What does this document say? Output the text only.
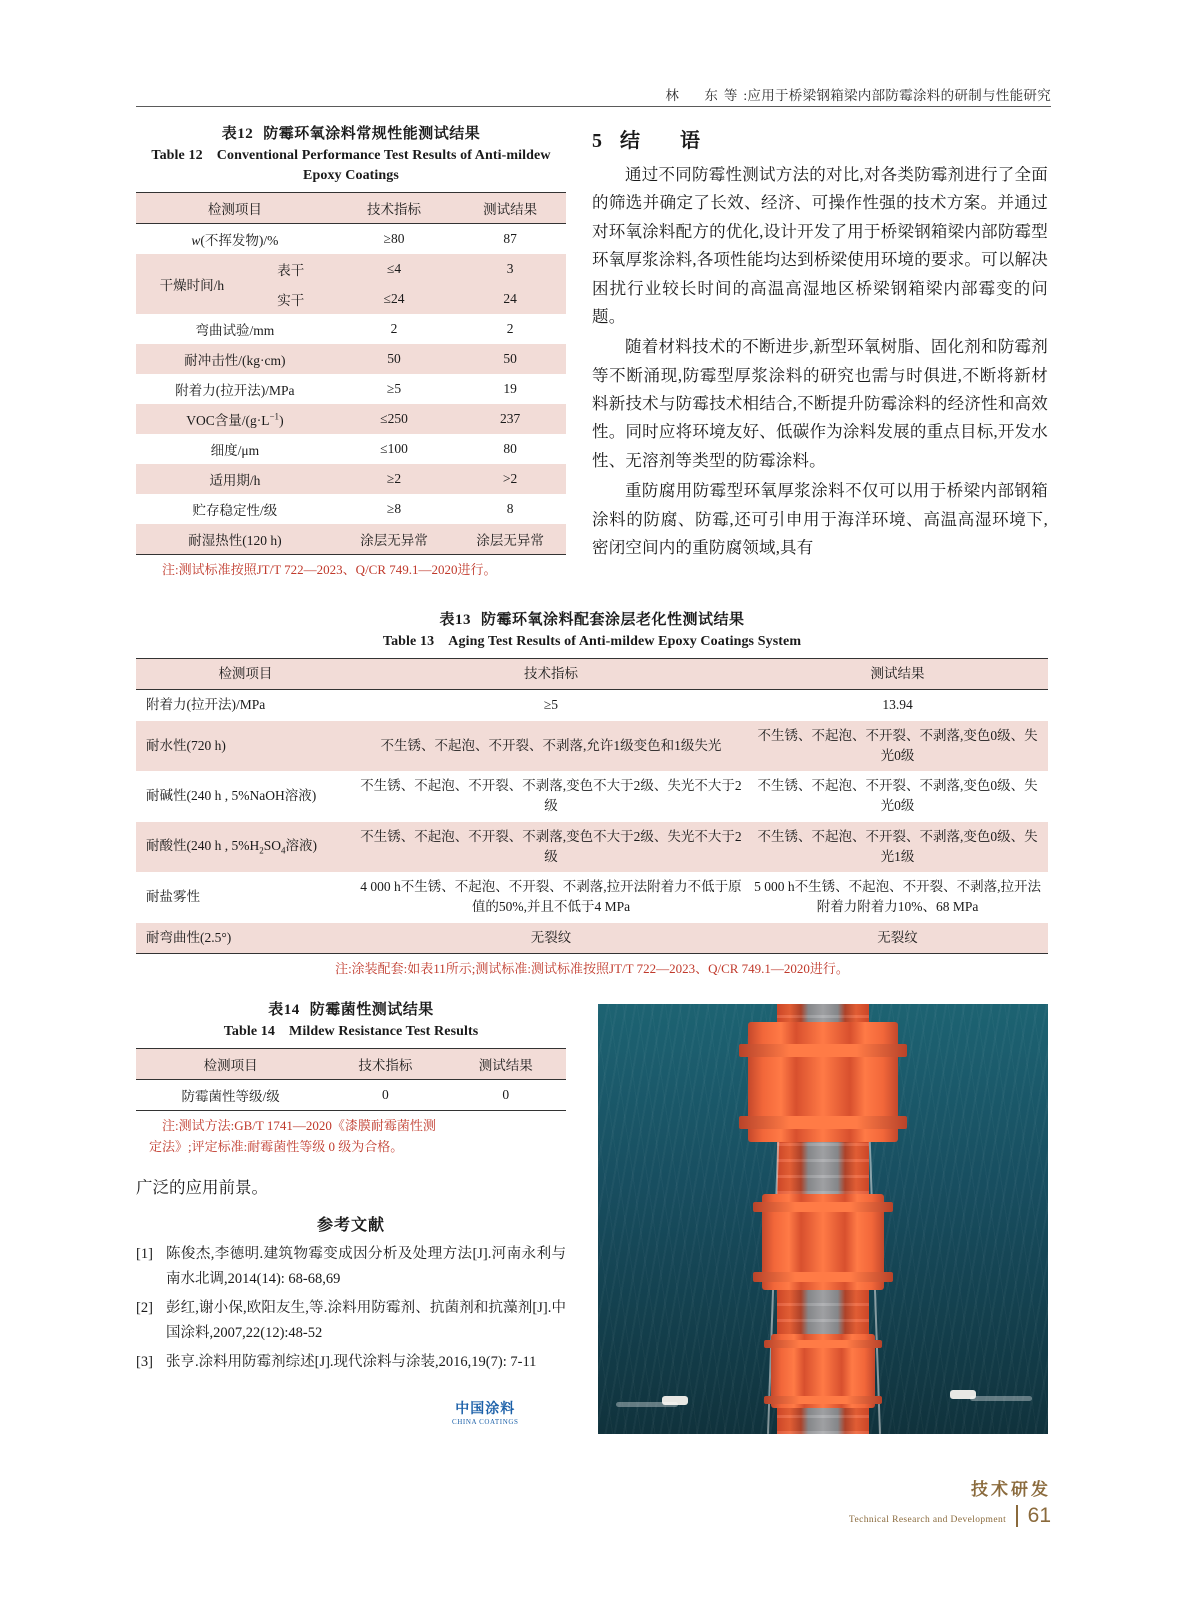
林　东等:应用于桥梁钢箱梁内部防霉涂料的研制与性能研究
表12 防霉环氧涂料常规性能测试结果
Table 12　Conventional Performance Test Results of Anti-mildew Epoxy Coatings
检测项目		技术指标	测试结果
w(不挥发物)/%		≥80	87
干燥时间/h	表干	≤4	3
	实干	≤24	24
弯曲试验/mm		2	2
耐冲击性/(kg·cm)		50	50
附着力(拉开法)/MPa		≥5	19
VOC含量$/(g\cdot L^{-1})$		≤250	237
细度/μm		≤100	80
适用期/h		≥2	>2
贮存稳定性/级		≥8	8
耐湿热性(120 h)		涂层无异常	涂层无异常
注:测试标准按照JT/T 722—2023、Q/CR 749.1—2020进行。
5 结　语

通过不同防霉性测试方法的对比,对各类防霉剂进行了全面的筛选并确定了长效、经济、可操作性强的技术方案。并通过对环氧涂料配方的优化,设计开发了用于桥梁钢箱梁内部防霉型环氧厚浆涂料,各项性能均达到桥梁使用环境的要求。可以解决困扰行业较长时间的高温高湿地区桥梁钢箱梁内部霉变的问题。

随着材料技术的不断进步,新型环氧树脂、固化剂和防霉剂等不断涌现,防霉型厚浆涂料的研究也需与时俱进,不断将新材料新技术与防霉技术相结合,不断提升防霉涂料的经济性和高效性。同时应将环境友好、低碳作为涂料发展的重点目标,开发水性、无溶剂等类型的防霉涂料。

重防腐用防霉型环氧厚浆涂料不仅可以用于桥梁内部钢箱涂料的防腐、防霉,还可引申用于海洋环境、高温高湿环境下,密闭空间内的重防腐领域,具有

表13 防霉环氧涂料配套涂层老化性测试结果
Table 13　Aging Test Results of Anti-mildew Epoxy Coatings System
检测项目	技术指标	测试结果
附着力(拉开法)/MPa	≥5	13.94
耐水性(720 h)	不生锈、不起泡、不开裂、不剥落,允许1级变色和1级失光	不生锈、不起泡、不开裂、不剥落,变色0级、失光0级
耐碱性(240 h , 5%NaOH溶液)	不生锈、不起泡、不开裂、不剥落,变色不大于2级、失光不大于2级	不生锈、不起泡、不开裂、不剥落,变色0级、失光0级
耐酸性(240 h , $5\%H_2SO_4$溶液)	不生锈、不起泡、不开裂、不剥落,变色不大于2级、失光不大于2级	不生锈、不起泡、不开裂、不剥落,变色0级、失光1级
耐盐雾性	4 000 h不生锈、不起泡、不开裂、不剥落,拉开法附着力不低于原值的50%,并且不低于4 MPa	5 000 h不生锈、不起泡、不开裂、不剥落,拉开法附着力附着力10%、68 MPa
耐弯曲性(2.5°)	无裂纹	无裂纹
注:涂装配套:如表11所示;测试标准:测试标准按照JT/T 722—2023、Q/CR 749.1—2020进行。
表14 防霉菌性测试结果
Table 14　Mildew Resistance Test Results
检测项目	技术指标	测试结果
防霉菌性等级/级	0	0
注:测试方法:GB/T 1741—2020《漆膜耐霉菌性测
定法》;评定标准:耐霉菌性等级 0 级为合格。
广泛的应用前景。
参考文献
[1] 陈俊杰,李德明.建筑物霉变成因分析及处理方法[J].河南永利与南水北调,2014(14): 68-68,69
[2] 彭红,谢小保,欧阳友生,等.涂料用防霉剂、抗菌剂和抗藻剂[J].中国涂料,2007,22(12):48-52
[3] 张亨.涂料用防霉剂综述[J].现代涂料与涂装,2016,19(7): 7-11
中国涂料
CHINA COATINGS
技术研发
Technical Research and Development 61
